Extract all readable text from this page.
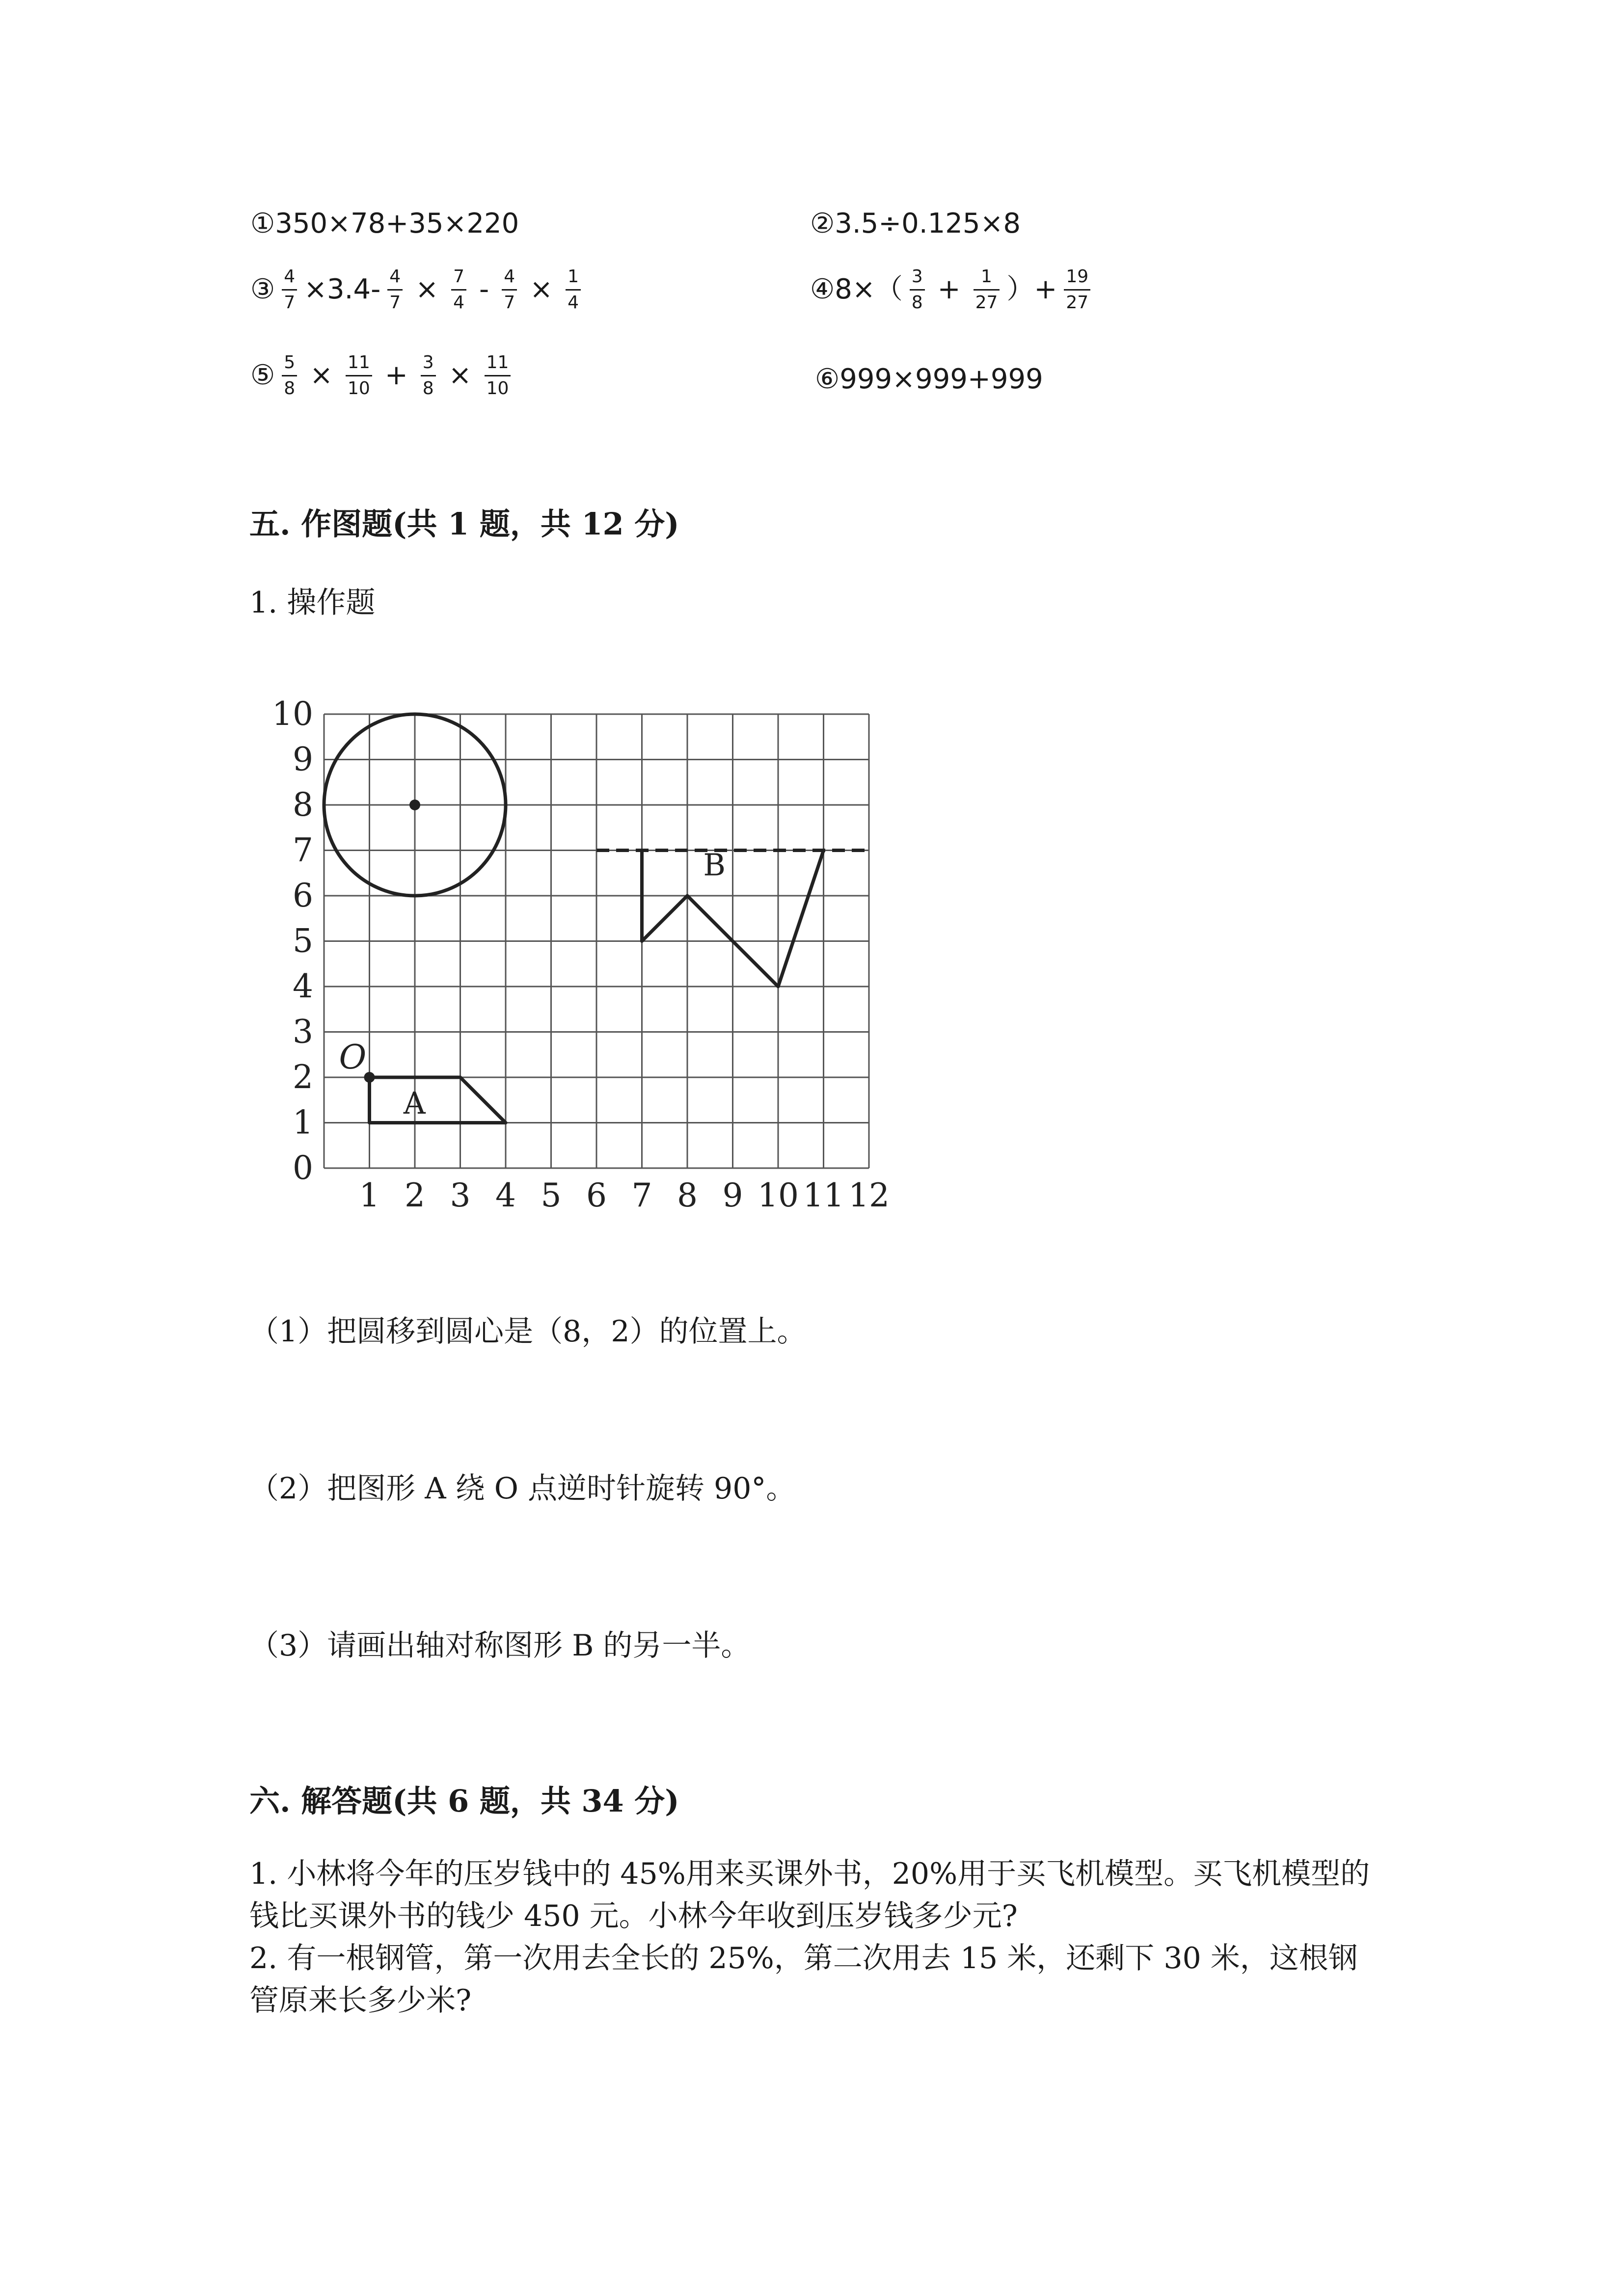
① 350×78+35×220	② 3.5÷0.125×8
③ $\frac{4}{7} \times 3.4- \frac{4}{7} \times \frac{7}{4} - \frac{4}{7} \times \frac{1}{4}$	④ $8\times( \frac{3}{8} + \frac{1}{27}$ ）+ $\frac{19}{27}$
⑤ $\frac{5}{8} \times \frac{11}{10} + \frac{3}{8} \times \frac{11}{10}$	⑥ 999×999+999
五. 作图题(共 1 题，共 12 分)
1. 操作题
1 2 3 4 5 6 7 8 9 10 11 12
0
1
2
3
4
5
6
7
8
9
10
O
A
B
（1）把圆移到圆心是（8，2）的位置上。
（2）把图形 A 绕 O 点逆时针旋转 90°。
（3）请画出轴对称图形 B 的另一半。
六. 解答题(共 6 题，共 34 分)
1. 小林将今年的压岁钱中的 45%用来买课外书，20%用于买飞机模型。买飞机模型的钱比买课外书的钱少 450 元。小林今年收到压岁钱多少元?
2. 有一根钢管，第一次用去全长的 25%，第二次用去 15 米，还剩下 30 米，这根钢管原来长多少米?
